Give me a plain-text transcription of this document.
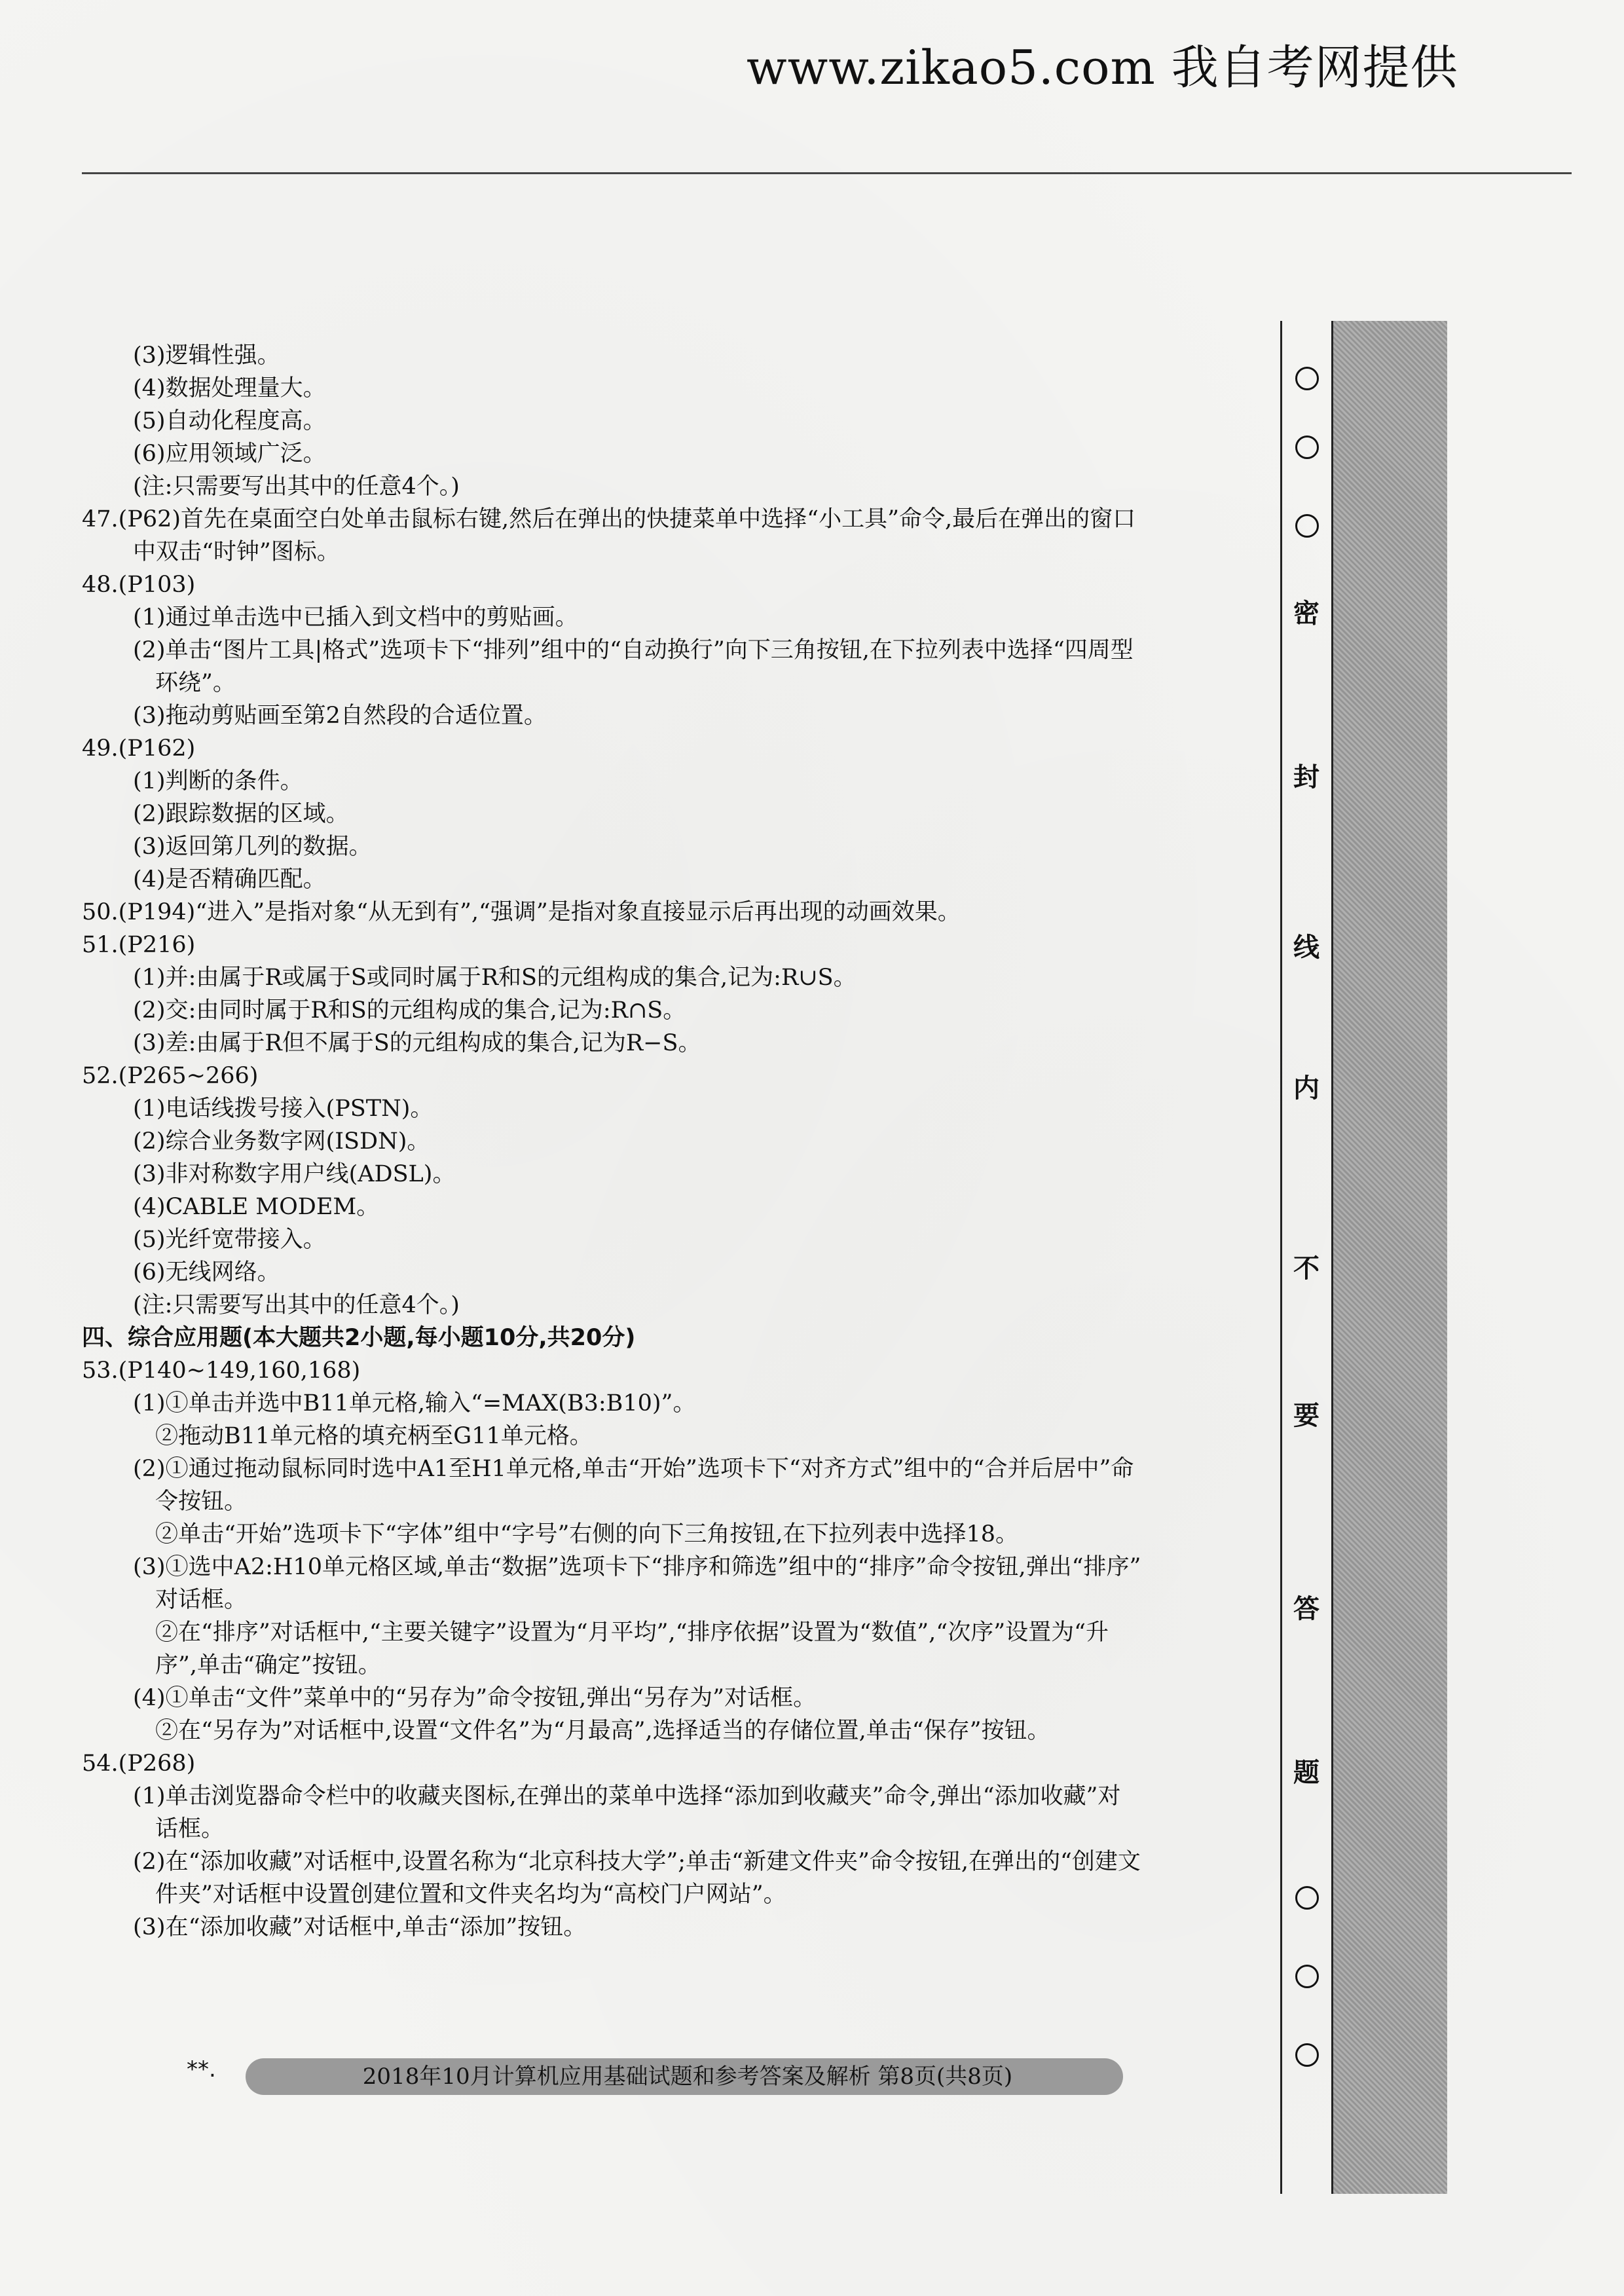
www.zikao5.com 我自考网提供
(3)逻辑性强。
(4)数据处理量大。
(5)自动化程度高。
(6)应用领域广泛。
(注:只需要写出其中的任意4个。)
47.(P62)首先在桌面空白处单击鼠标右键,然后在弹出的快捷菜单中选择“小工具”命令,最后在弹出的窗口
中双击“时钟”图标。
48.(P103)
(1)通过单击选中已插入到文档中的剪贴画。
(2)单击“图片工具|格式”选项卡下“排列”组中的“自动换行”向下三角按钮,在下拉列表中选择“四周型
环绕”。
(3)拖动剪贴画至第2自然段的合适位置。
49.(P162)
(1)判断的条件。
(2)跟踪数据的区域。
(3)返回第几列的数据。
(4)是否精确匹配。
50.(P194)“进入”是指对象“从无到有”,“强调”是指对象直接显示后再出现的动画效果。
51.(P216)
(1)并:由属于R或属于S或同时属于R和S的元组构成的集合,记为:R∪S。
(2)交:由同时属于R和S的元组构成的集合,记为:R∩S。
(3)差:由属于R但不属于S的元组构成的集合,记为R−S。
52.(P265~266)
(1)电话线拨号接入(PSTN)。
(2)综合业务数字网(ISDN)。
(3)非对称数字用户线(ADSL)。
(4)CABLE MODEM。
(5)光纤宽带接入。
(6)无线网络。
(注:只需要写出其中的任意4个。)
四、综合应用题(本大题共2小题,每小题10分,共20分)
53.(P140~149,160,168)
(1)①单击并选中B11单元格,输入“=MAX(B3:B10)”。
②拖动B11单元格的填充柄至G11单元格。
(2)①通过拖动鼠标同时选中A1至H1单元格,单击“开始”选项卡下“对齐方式”组中的“合并后居中”命
令按钮。
②单击“开始”选项卡下“字体”组中“字号”右侧的向下三角按钮,在下拉列表中选择18。
(3)①选中A2:H10单元格区域,单击“数据”选项卡下“排序和筛选”组中的“排序”命令按钮,弹出“排序”
对话框。
②在“排序”对话框中,“主要关键字”设置为“月平均”,“排序依据”设置为“数值”,“次序”设置为“升
序”,单击“确定”按钮。
(4)①单击“文件”菜单中的“另存为”命令按钮,弹出“另存为”对话框。
②在“另存为”对话框中,设置“文件名”为“月最高”,选择适当的存储位置,单击“保存”按钮。
54.(P268)
(1)单击浏览器命令栏中的收藏夹图标,在弹出的菜单中选择“添加到收藏夹”命令,弹出“添加收藏”对
话框。
(2)在“添加收藏”对话框中,设置名称为“北京科技大学”;单击“新建文件夹”命令按钮,在弹出的“创建文
件夹”对话框中设置创建位置和文件夹名均为“高校门户网站”。
(3)在“添加收藏”对话框中,单击“添加”按钮。
密
封
线
内
不
要
答
题
**.	2018年10月计算机应用基础试题和参考答案及解析 第8页(共8页)
